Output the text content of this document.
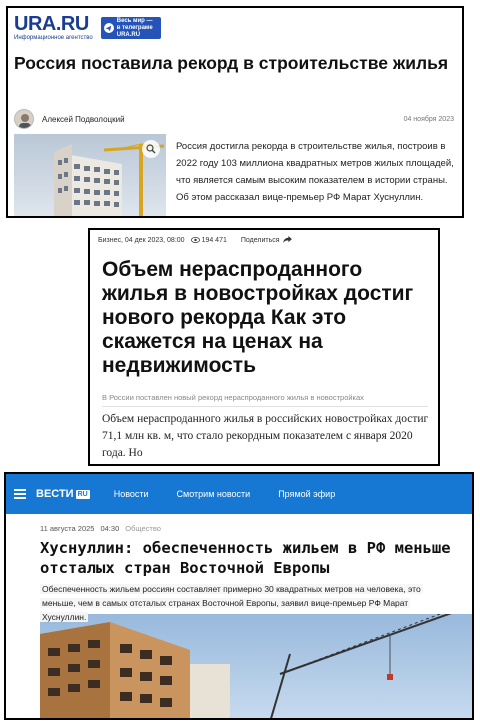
URA.RU
Информационное агентство
Весь мир —
в телеграме
URA.RU
Россия поставила рекорд в строительстве жилья
Алексей Подволоцкий	04 ноября 2023

Россия достигла рекорда в строительстве жилья, построив в 2022 году 103 миллиона квадратных метров жилых площадей, что является самым высоким показателем в истории страны. Об этом рассказал вице-премьер РФ Марат Хуснуллин.

Бизнес, 04 дек 2023, 08:00 194 471 Поделиться
Объем нераспроданного жилья в новостройках достиг нового рекорда Как это скажется на ценах на недвижимость

В России поставлен новый рекорд нераспроданного жилья в новостройках

Объем нераспроданного жилья в российских новостройках достиг 71,1 млн кв. м, что стало рекордным показателем с января 2020 года. Но

ВЕСТИ RU	Новости	Смотрим новости	Прямой эфир
11 августа 2025 04:30 Общество
Хуснуллин: обеспеченность жильем в РФ меньше отсталых стран Восточной Европы

Обеспеченность жильем россиян составляет примерно 30 квадратных метров на человека, это меньше, чем в самых отсталых странах Восточной Европы, заявил вице-премьер РФ Марат Хуснуллин.
